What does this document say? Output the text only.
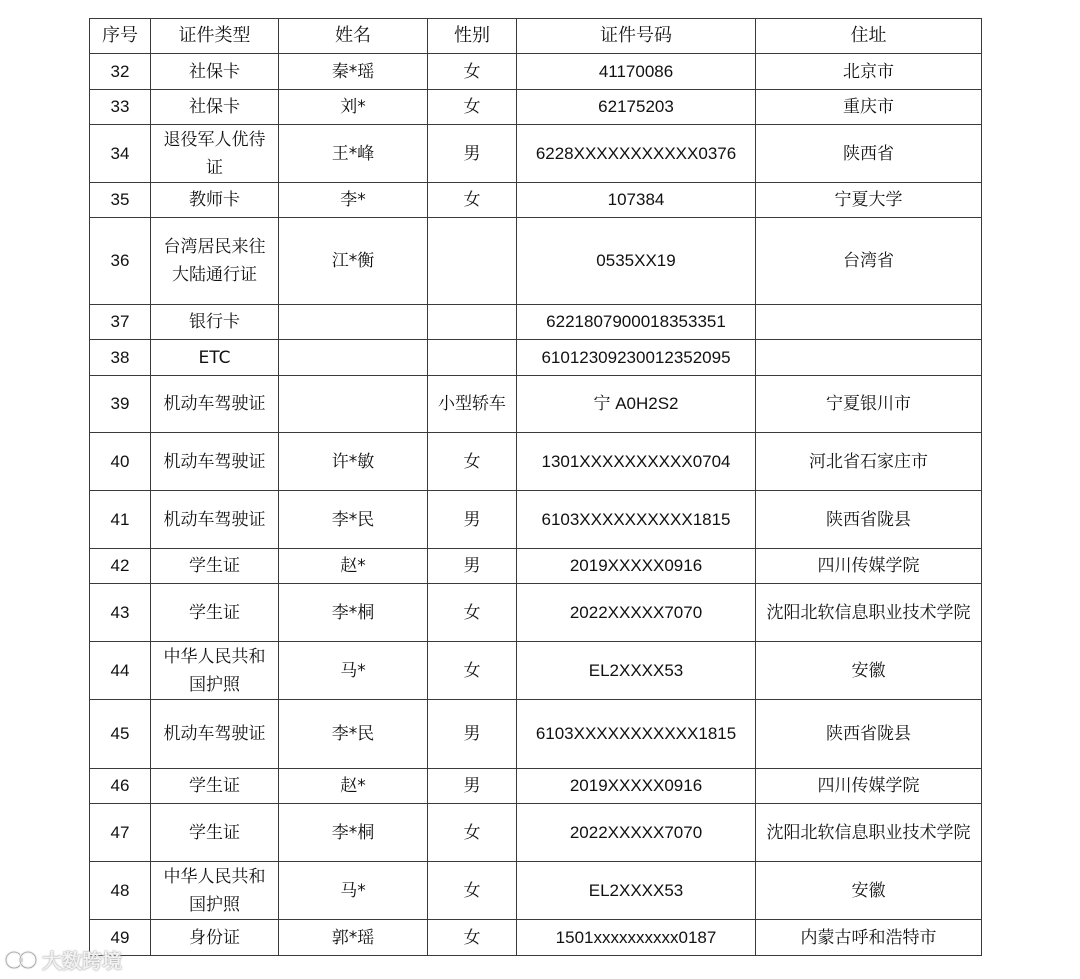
序号	证件类型	姓名	性别	证件号码	住址
32	社保卡	秦*瑶	女	41170086	北京市
33	社保卡	刘*	女	62175203	重庆市
34	退役军人优待证	王*峰	男	6228XXXXXXXXXXX0376	陕西省
35	教师卡	李*	女	107384	宁夏大学
36	台湾居民来往大陆通行证	江*衡		0535XX19	台湾省
37	银行卡			6221807900018353351	
38	ETC			61012309230012352095	
39	机动车驾驶证		小型轿车	宁 A0H2S2	宁夏银川市
40	机动车驾驶证	许*敏	女	1301XXXXXXXXXX0704	河北省石家庄市
41	机动车驾驶证	李*民	男	6103XXXXXXXXXX1815	陕西省陇县
42	学生证	赵*	男	2019XXXXX0916	四川传媒学院
43	学生证	李*桐	女	2022XXXXX7070	沈阳北软信息职业技术学院
44	中华人民共和国护照	马*	女	EL2XXXX53	安徽
45	机动车驾驶证	李*民	男	6103XXXXXXXXXXX1815	陕西省陇县
46	学生证	赵*	男	2019XXXXX0916	四川传媒学院
47	学生证	李*桐	女	2022XXXXX7070	沈阳北软信息职业技术学院
48	中华人民共和国护照	马*	女	EL2XXXX53	安徽
49	身份证	郭*瑶	女	1501xxxxxxxxxx0187	内蒙古呼和浩特市
大数跨境
